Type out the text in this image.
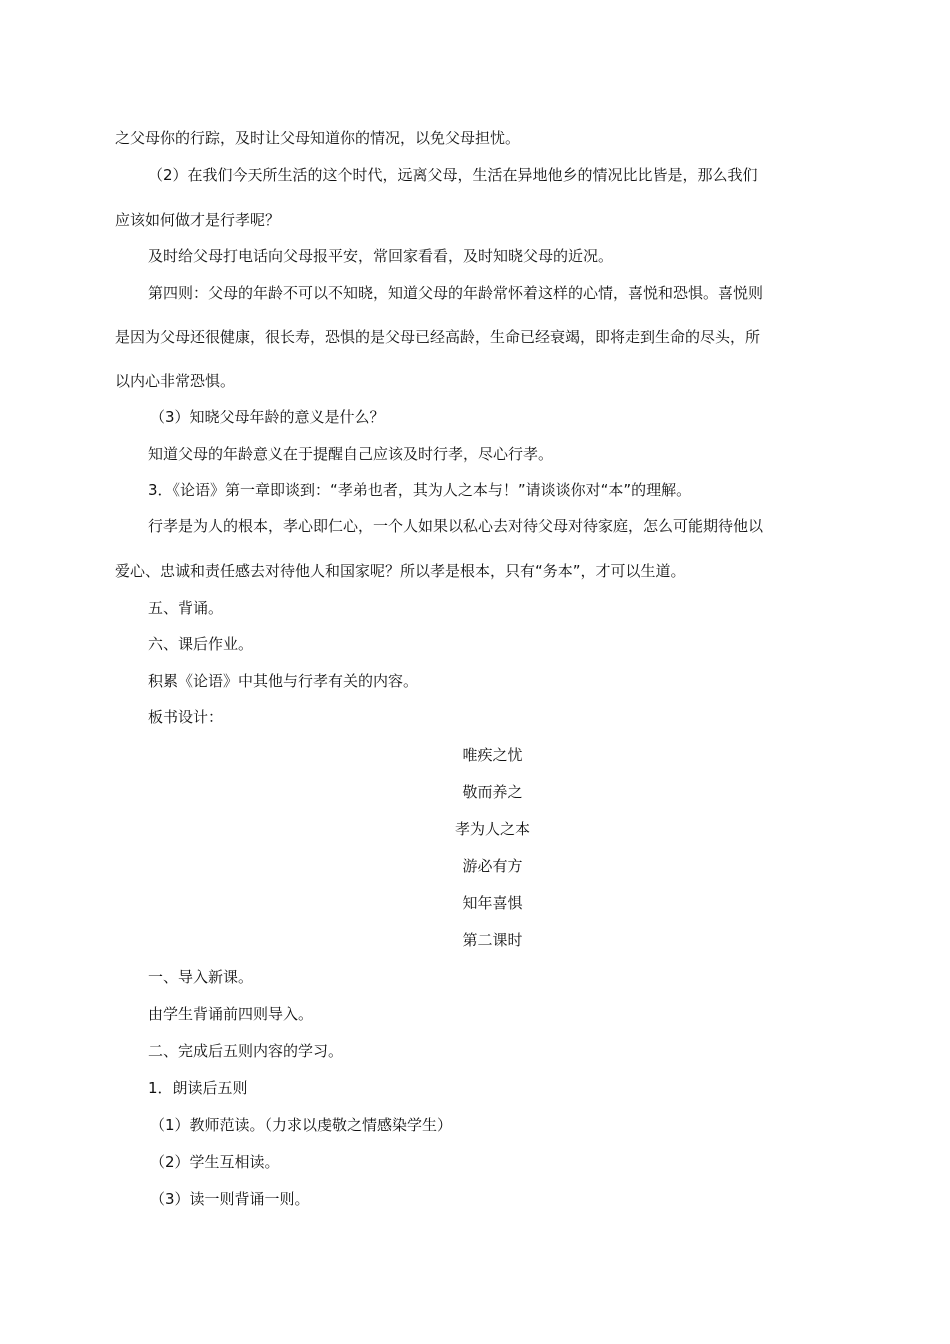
之父母你的行踪，及时让父母知道你的情况，以免父母担忧。
（2）在我们今天所生活的这个时代，远离父母，生活在异地他乡的情况比比皆是，那么我们
应该如何做才是行孝呢？
及时给父母打电话向父母报平安，常回家看看，及时知晓父母的近况。
第四则：父母的年龄不可以不知晓，知道父母的年龄常怀着这样的心情，喜悦和恐惧。喜悦则
是因为父母还很健康，很长寿，恐惧的是父母已经高龄，生命已经衰竭，即将走到生命的尽头，所
以内心非常恐惧。
（3）知晓父母年龄的意义是什么？
知道父母的年龄意义在于提醒自己应该及时行孝，尽心行孝。
3．《论语》第一章即谈到：“孝弟也者，其为人之本与！”请谈谈你对“本”的理解。
行孝是为人的根本，孝心即仁心，一个人如果以私心去对待父母对待家庭，怎么可能期待他以
爱心、忠诚和责任感去对待他人和国家呢？所以孝是根本，只有“务本”，才可以生道。
五、背诵。
六、课后作业。
积累《论语》中其他与行孝有关的内容。
板书设计：
唯疾之忧
敬而养之
孝为人之本
游必有方
知年喜惧
第二课时
一、导入新课。
由学生背诵前四则导入。
二、完成后五则内容的学习。
1．朗读后五则
（1）教师范读。（力求以虔敬之情感染学生）
（2）学生互相读。
（3）读一则背诵一则。
